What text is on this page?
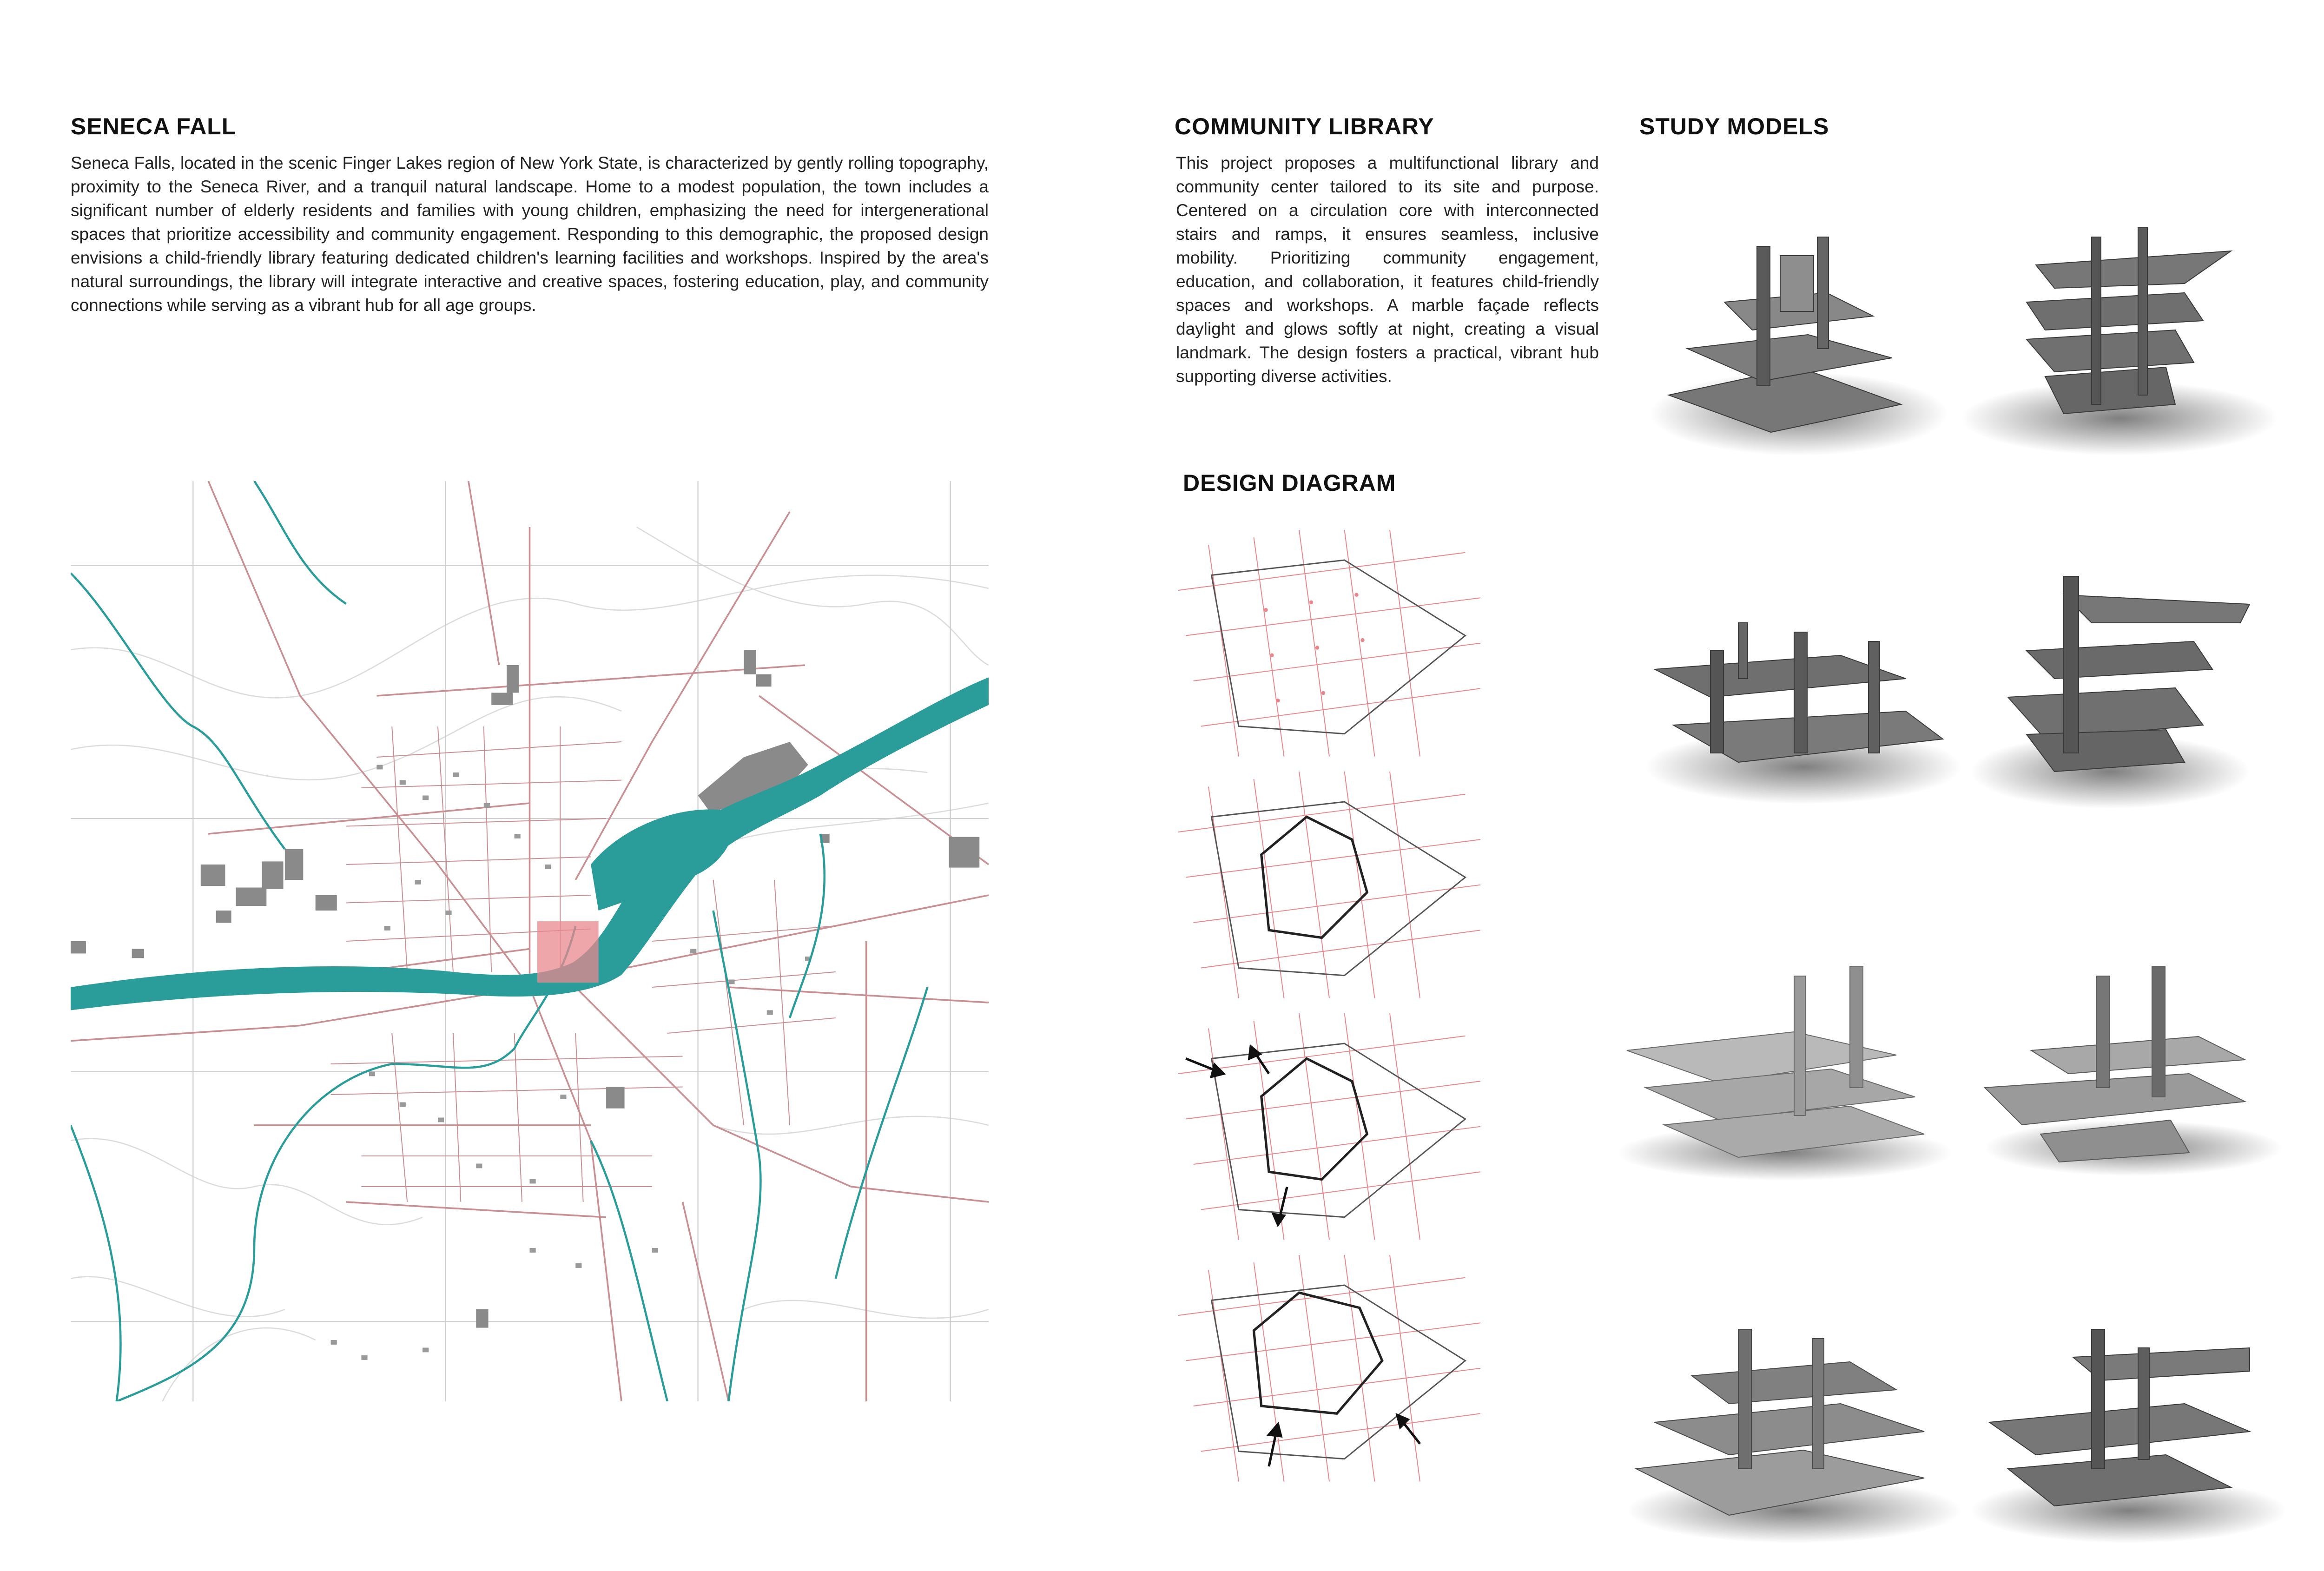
SENECA FALL

Seneca Falls, located in the scenic Finger Lakes region of New York State, is characterized by gently rolling topography, proximity to the Seneca River, and a tranquil natural landscape. Home to a modest population, the town includes a significant number of elderly residents and families with young children, emphasizing the need for intergenerational spaces that prioritize accessibility and community engagement. Responding to this demographic, the proposed design envisions a child-friendly library featuring dedicated children's learning facilities and workshops. Inspired by the area's natural surroundings, the library will integrate interactive and creative spaces, fostering education, play, and community connections while serving as a vibrant hub for all age groups.

COMMUNITY LIBRARY

This project proposes a multifunctional library and community center tailored to its site and purpose. Centered on a circulation core with interconnected stairs and ramps, it ensures seamless, inclusive mobility. Prioritizing community engagement, education, and collaboration, it features child-friendly spaces and workshops. A marble façade reflects daylight and glows softly at night, creating a visual landmark. The design fosters a practical, vibrant hub supporting diverse activities.

STUDY MODELS
DESIGN DIAGRAM
